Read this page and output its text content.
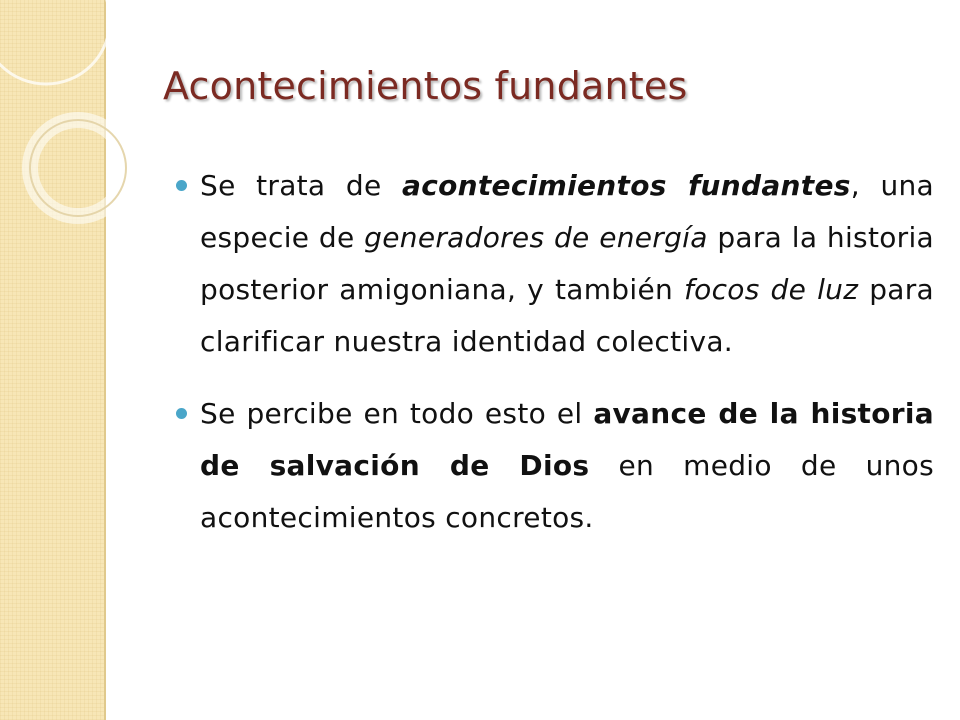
Acontecimientos fundantes
Se trata de acontecimientos fundantes, una especie de generadores de energía para la historia posterior amigoniana, y también focos de luz para clarificar nuestra identidad colectiva.
Se percibe en todo esto el avance de la historia de salvación de Dios en medio de unos acontecimientos concretos.
